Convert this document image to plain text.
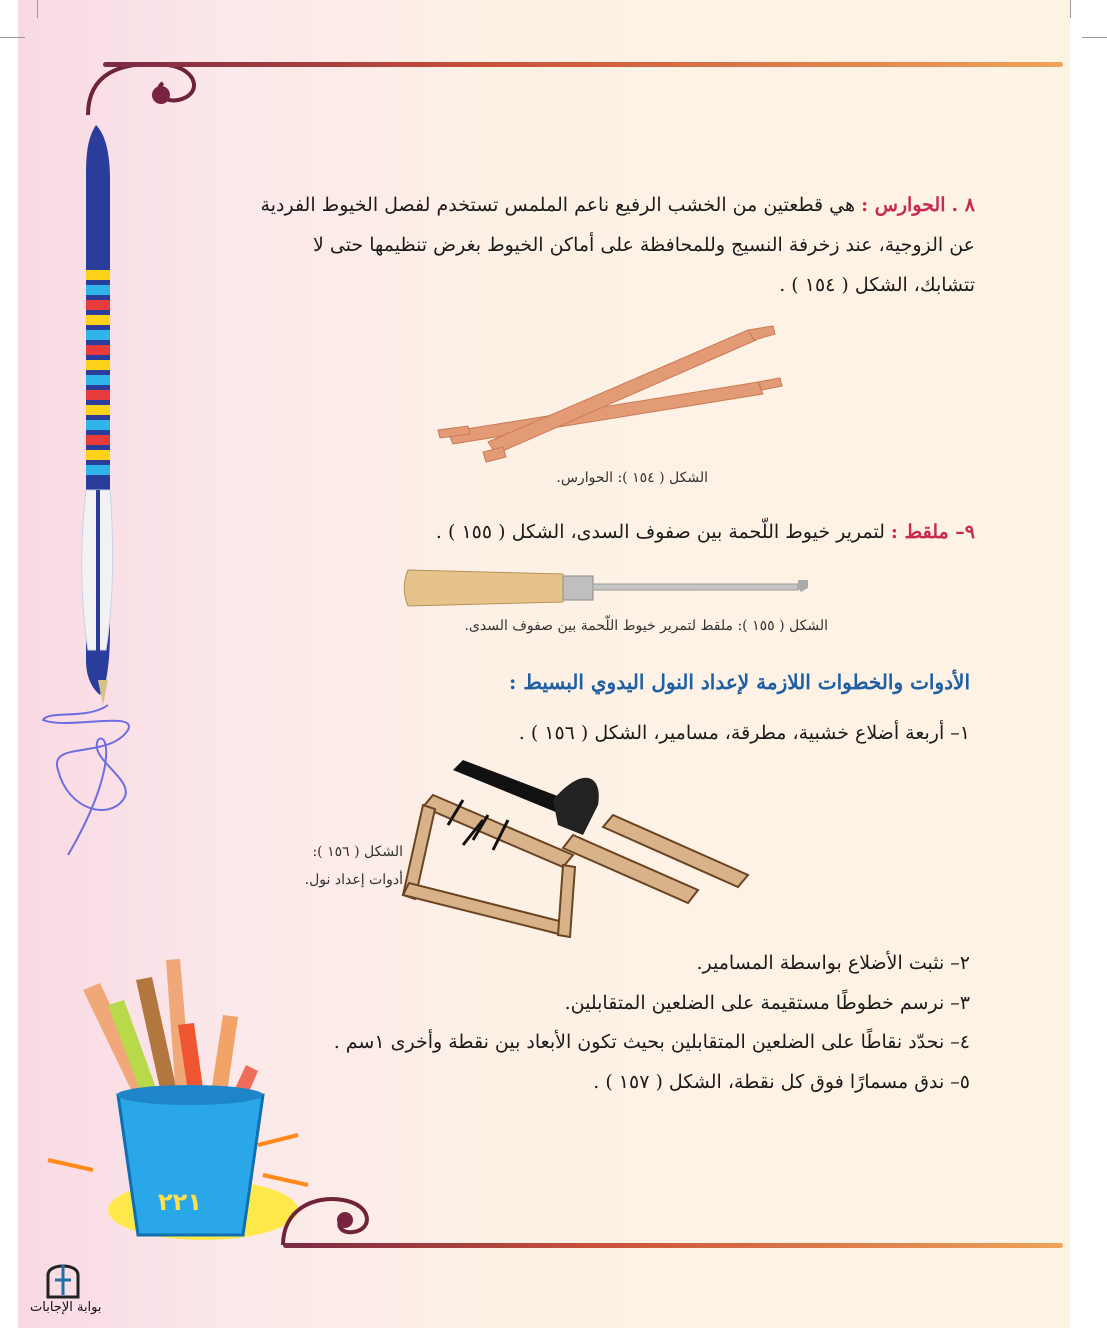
٨ . الحوارس : هي قطعتين من الخشب الرفيع ناعم الملمس تستخدم لفصل الخيوط الفردية
عن الزوجية، عند زخرفة النسيج وللمحافظة على أماكن الخيوط بغرض تنظيمها حتى لا
تتشابك، الشكل ( ١٥٤ ) .
الشكل ( ١٥٤ ): الحوارس.
٩– ملقط : لتمرير خيوط اللّحمة بين صفوف السدى، الشكل ( ١٥٥ ) .
الشكل ( ١٥٥ ): ملقط لتمرير خيوط اللّحمة بين صفوف السدى.
الأدوات والخطوات اللازمة لإعداد النول اليدوي البسيط :
١– أربعة أضلاع خشبية، مطرقة، مسامير، الشكل ( ١٥٦ ) .
الشكل ( ١٥٦ ):
أدوات إعداد نول.
٢– نثبت الأضلاع بواسطة المسامير.
٣– نرسم خطوطًا مستقيمة على الضلعين المتقابلين.
٤– نحدّد نقاطًا على الضلعين المتقابلين بحيث تكون الأبعاد بين نقطة وأخرى ١سم .
٥– ندق مسمارًا فوق كل نقطة، الشكل ( ١٥٧ ) .
٢٢١
بوابة الإجابات
